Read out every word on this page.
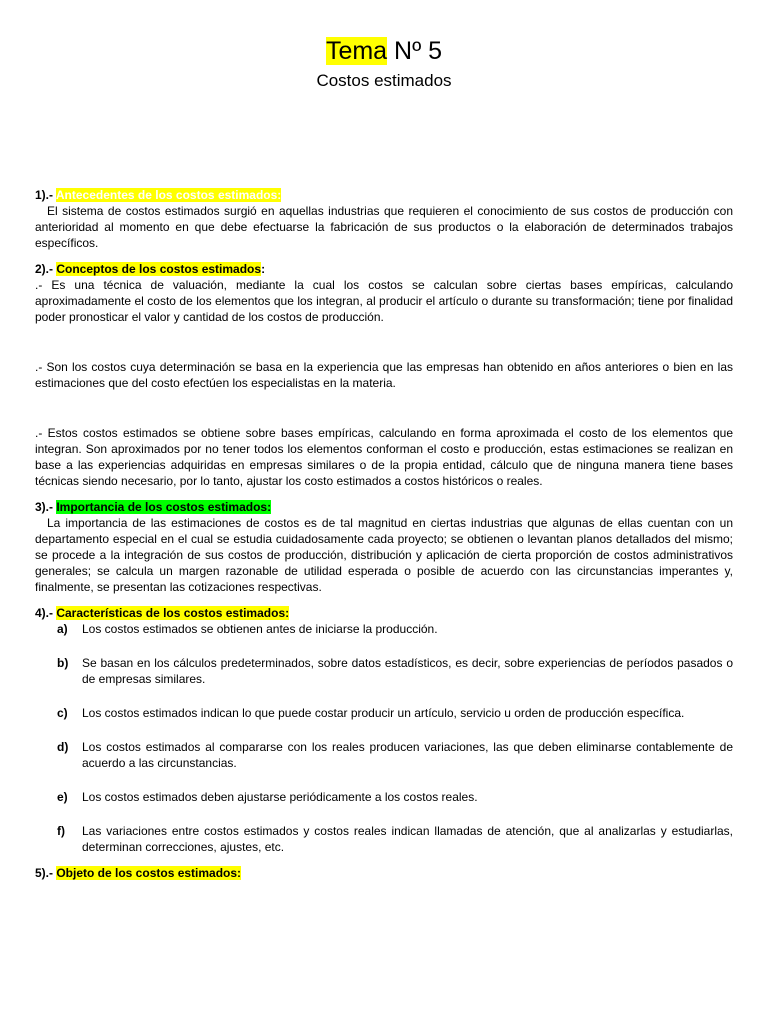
Tema Nº 5
Costos estimados

1).- Antecedentes de los costos estimados:

El sistema de costos estimados surgió en aquellas industrias que requieren el conocimiento de sus costos de producción con anterioridad al momento en que debe efectuarse la fabricación de sus productos o la elaboración de determinados trabajos específicos.

2).- Conceptos de los costos estimados:

.- Es una técnica de valuación, mediante la cual los costos se calculan sobre ciertas bases empíricas, calculando aproximadamente el costo de los elementos que los integran, al producir el artículo o durante su transformación; tiene por finalidad poder pronosticar el valor y cantidad de los costos de producción.

.- Son los costos cuya determinación se basa en la experiencia que las empresas han obtenido en años anteriores o bien en las estimaciones que del costo efectúen los especialistas en la materia.

.- Estos costos estimados se obtiene sobre bases empíricas, calculando en forma aproximada el costo de los elementos que integran. Son aproximados por no tener todos los elementos conforman el costo e producción, estas estimaciones se realizan en base a las experiencias adquiridas en empresas similares o de la propia entidad, cálculo que de ninguna manera tiene bases técnicas siendo necesario, por lo tanto, ajustar los costo estimados a costos históricos o reales.

3).- Importancia de los costos estimados:

La importancia de las estimaciones de costos es de tal magnitud en ciertas industrias que algunas de ellas cuentan con un departamento especial en el cual se estudia cuidadosamente cada proyecto; se obtienen o levantan planos detallados del mismo; se procede a la integración de sus costos de producción, distribución y aplicación de cierta proporción de costos administrativos generales; se calcula un margen razonable de utilidad esperada o posible de acuerdo con las circunstancias imperantes y, finalmente, se presentan las cotizaciones respectivas.

4).- Características de los costos estimados:

a)	Los costos estimados se obtienen antes de iniciarse la producción.
b)	Se basan en los cálculos predeterminados, sobre datos estadísticos, es decir, sobre experiencias de períodos pasados o de empresas similares.
c)	Los costos estimados indican lo que puede costar producir un artículo, servicio u orden de producción específica.
d)	Los costos estimados al compararse con los reales producen variaciones, las que deben eliminarse contablemente de acuerdo a las circunstancias.
e)	Los costos estimados deben ajustarse periódicamente a los costos reales.
f)	Las variaciones entre costos estimados y costos reales indican llamadas de atención, que al analizarlas y estudiarlas, determinan correcciones, ajustes, etc.

5).- Objeto de los costos estimados:
